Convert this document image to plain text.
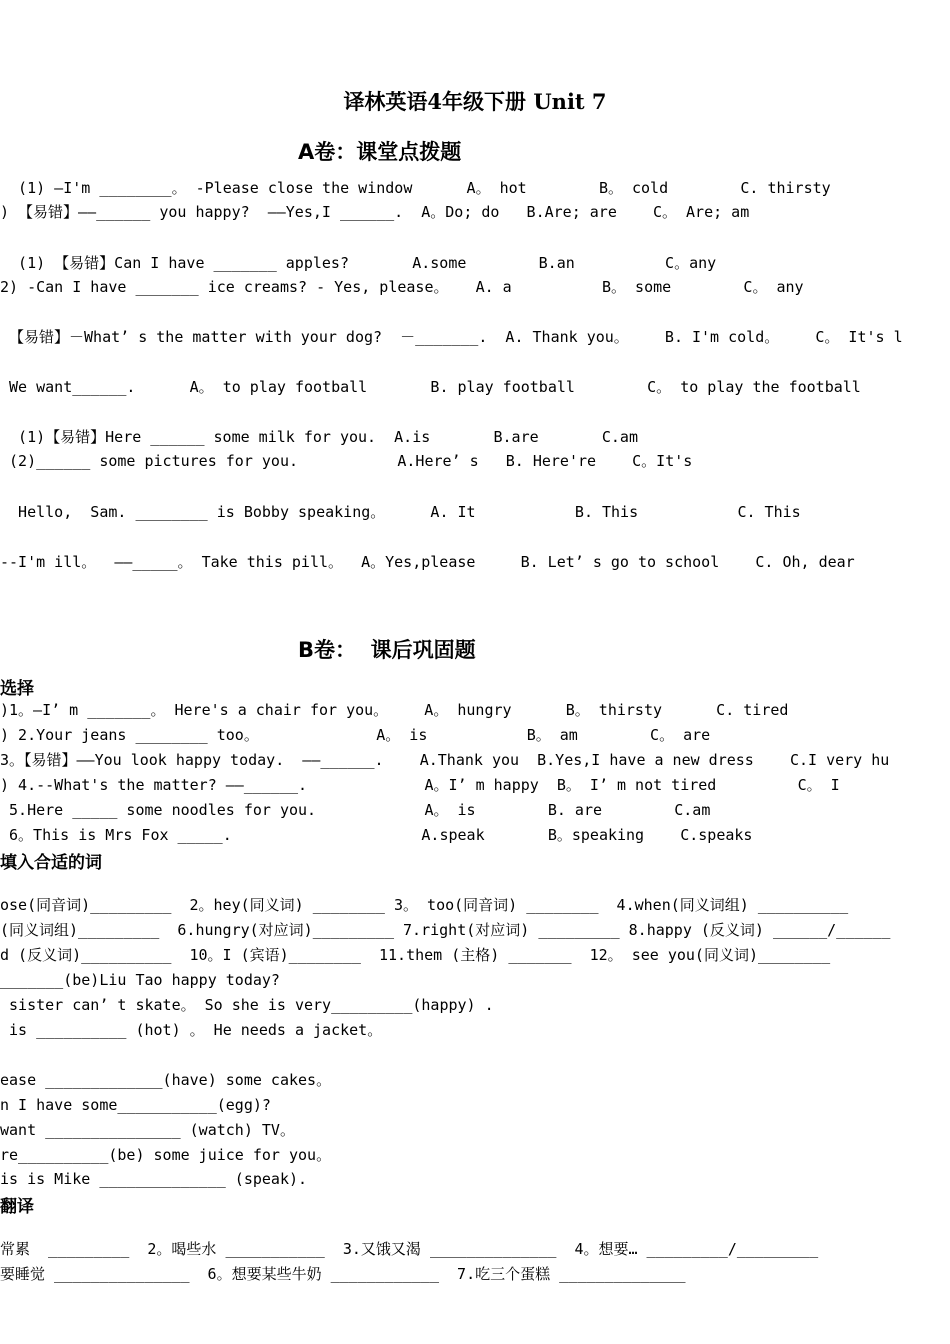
译林英语4年级下册 Unit 7
A卷：课堂点拨题
(1) —I'm ________。 -Please close the window      A。 hot        B。 cold        C. thirsty
) 【易错】——______ you happy?  ——Yes,I ______.  A。Do; do   B.Are; are    C。 Are; am
(1) 【易错】Can I have _______ apples?       A.some        B.an          C。any
2) -Can I have _______ ice creams? - Yes, please。   A. a          B。 some        C。 any
【易错】－What’ s the matter with your dog?  －_______.  A. Thank you。    B. I'm cold。    C。 It's l
We want______.      A。 to play football       B. play football        C。 to play the football
(1)【易错】Here ______ some milk for you.  A.is       B.are       C.am
(2)______ some pictures for you.           A.Here’ s   B. Here're    C。It's
Hello,  Sam. ________ is Bobby speaking。     A. It           B. This           C. This
--I'm ill。  ——_____。 Take this pill。  A。Yes,please     B. Let’ s go to school    C. Oh, dear
B卷：  课后巩固题
选择
)1。—I’ m _______。 Here's a chair for you。    A。 hungry      B。 thirsty      C. tired
) 2.Your jeans ________ too。             A。 is           B。 am        C。 are
3。【易错】——You look happy today.  ——______.    A.Thank you  B.Yes,I have a new dress    C.I very hu
) 4.--What's the matter? ——______.             A。I’ m happy  B。 I’ m not tired         C。 I
5.Here _____ some noodles for you.            A。 is        B. are        C.am
6。This is Mrs Fox _____.                     A.speak       B。speaking    C.speaks
填入合适的词
ose(同音词)_________  2。hey(同义词) ________ 3。 too(同音词) ________  4.when(同义词组) __________
(同义词组)_________  6.hungry(对应词)_________ 7.right(对应词) _________ 8.happy (反义词) ______/______
d (反义词)__________  10。I (宾语)________  11.them (主格) _______  12。 see you(同义词)________
_______(be)Liu Tao happy today?
sister can’ t skate。 So she is very_________(happy) .
is __________ (hot) 。 He needs a jacket。
ease _____________(have) some cakes。
n I have some___________(egg)?
want _______________ (watch) TV。
re__________(be) some juice for you。
is is Mike ______________ (speak).
翻译
常累  _________  2。喝些水 ___________  3.又饿又渴 ______________  4。想要… _________/_________
要睡觉 _______________  6。想要某些牛奶 ____________  7.吃三个蛋糕 ______________
